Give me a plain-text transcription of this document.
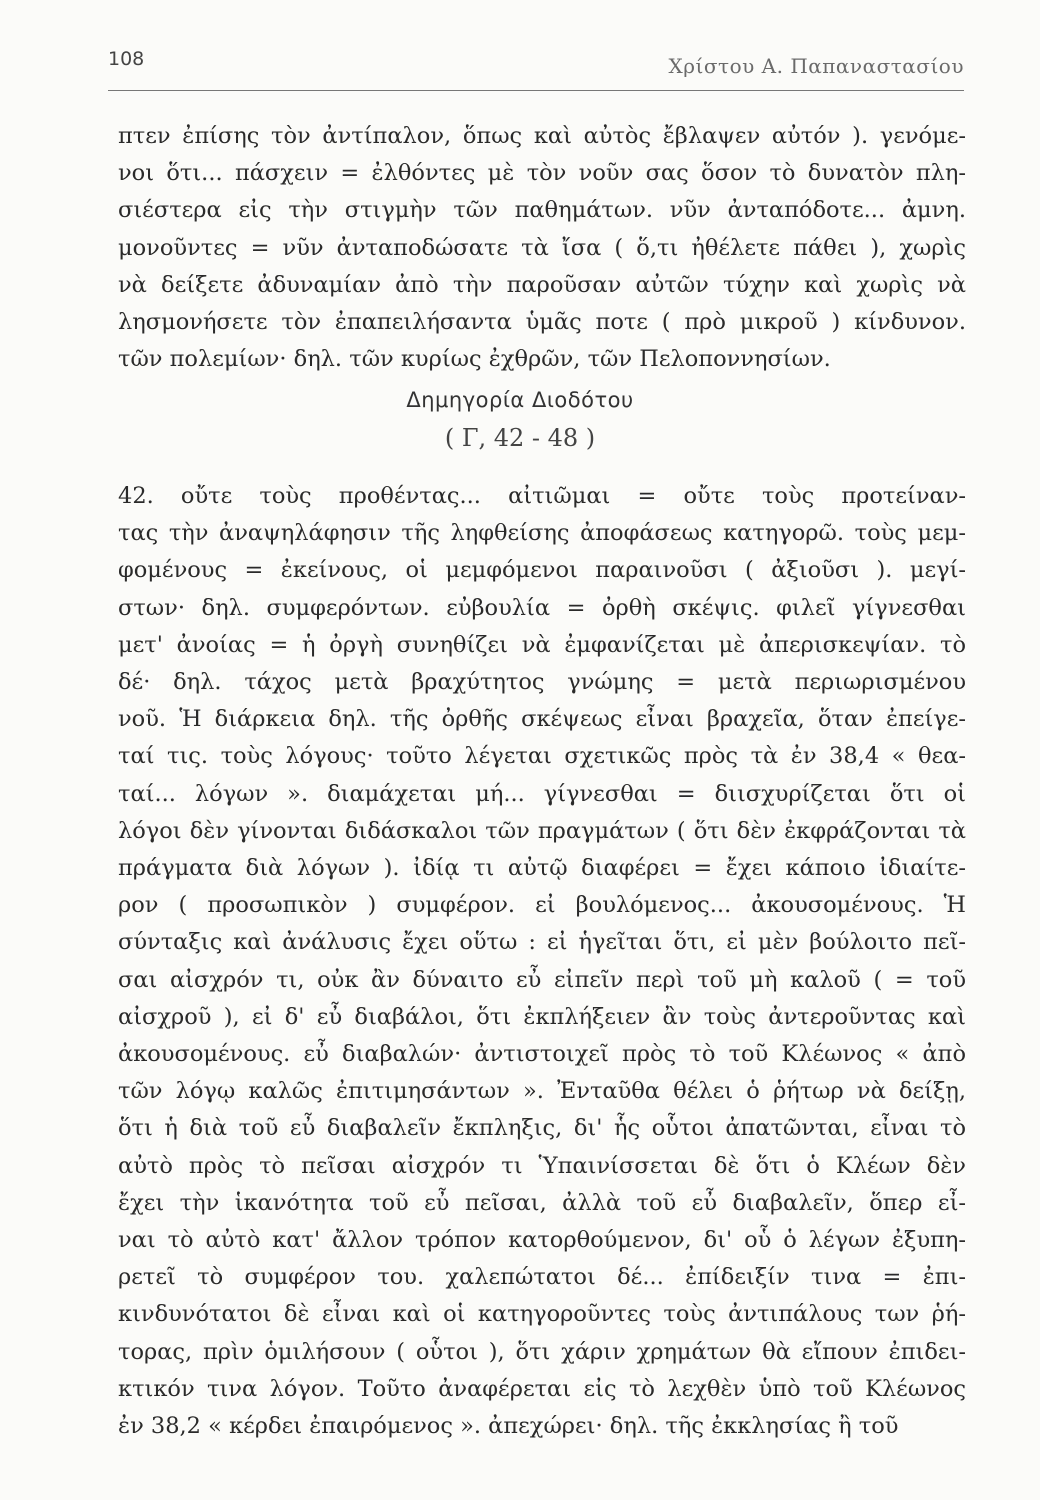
108	Χρίστου Α. Παπαναστασίου
πτεν ἐπίσης τὸν ἀντίπαλον, ὅπως καὶ αὐτὸς ἔβλαψεν αὐτόν ). γενόμε-
νοι ὅτι... πάσχειν = ἐλθόντες μὲ τὸν νοῦν σας ὅσον τὸ δυνατὸν πλη-
σιέστερα εἰς τὴν στιγμὴν τῶν παθημάτων. νῦν ἀνταπόδοτε... ἀμνη.
μονοῦντες = νῦν ἀνταποδώσατε τὰ ἴσα ( ὅ,τι ἠθέλετε πάθει ), χωρὶς
νὰ δείξετε ἀδυναμίαν ἀπὸ τὴν παροῦσαν αὐτῶν τύχην καὶ χωρὶς νὰ
λησμονήσετε τὸν ἐπαπειλήσαντα ὑμᾶς ποτε ( πρὸ μικροῦ ) κίνδυνον.
τῶν πολεμίων· δηλ. τῶν κυρίως ἐχθρῶν, τῶν Πελοποννησίων.
Δημηγορία Διοδότου
( Γ, 42 - 48 )
42. οὔτε τοὺς προθέντας... αἰτιῶμαι = οὔτε τοὺς προτείναν-
τας τὴν ἀναψηλάφησιν τῆς ληφθείσης ἀποφάσεως κατηγορῶ. τοὺς μεμ-
φομένους = ἐκείνους, οἱ μεμφόμενοι παραινοῦσι ( ἀξιοῦσι ). μεγί-
στων· δηλ. συμφερόντων. εὐβουλία = ὀρθὴ σκέψις. φιλεῖ γίγνεσθαι
μετ' ἀνοίας = ἡ ὀργὴ συνηθίζει νὰ ἐμφανίζεται μὲ ἀπερισκεψίαν. τὸ
δέ· δηλ. τάχος μετὰ βραχύτητος γνώμης = μετὰ περιωρισμένου
νοῦ. Ἡ διάρκεια δηλ. τῆς ὀρθῆς σκέψεως εἶναι βραχεῖα, ὅταν ἐπείγε-
ταί τις. τοὺς λόγους· τοῦτο λέγεται σχετικῶς πρὸς τὰ ἐν 38,4 « θεα-
ταί... λόγων ». διαμάχεται μή... γίγνεσθαι = διισχυρίζεται ὅτι οἱ
λόγοι δὲν γίνονται διδάσκαλοι τῶν πραγμάτων ( ὅτι δὲν ἐκφράζονται τὰ
πράγματα διὰ λόγων ). ἰδίᾳ τι αὐτῷ διαφέρει = ἔχει κάποιο ἰδιαίτε-
ρον ( προσωπικὸν ) συμφέρον. εἰ βουλόμενος... ἀκουσομένους. Ἡ
σύνταξις καὶ ἀνάλυσις ἔχει οὕτω : εἰ ἡγεῖται ὅτι, εἰ μὲν βούλοιτο πεῖ-
σαι αἰσχρόν τι, οὐκ ἂν δύναιτο εὖ εἰπεῖν περὶ τοῦ μὴ καλοῦ ( = τοῦ
αἰσχροῦ ), εἰ δ' εὖ διαβάλοι, ὅτι ἐκπλήξειεν ἂν τοὺς ἀντεροῦντας καὶ
ἀκουσομένους. εὖ διαβαλών· ἀντιστοιχεῖ πρὸς τὸ τοῦ Κλέωνος « ἀπὸ
τῶν λόγῳ καλῶς ἐπιτιμησάντων ». Ἐνταῦθα θέλει ὁ ῥήτωρ νὰ δείξῃ,
ὅτι ἡ διὰ τοῦ εὖ διαβαλεῖν ἔκπληξις, δι' ἧς οὗτοι ἀπατῶνται, εἶναι τὸ
αὐτὸ πρὸς τὸ πεῖσαι αἰσχρόν τι Ὑπαινίσσεται δὲ ὅτι ὁ Κλέων δὲν
ἔχει τὴν ἱκανότητα τοῦ εὖ πεῖσαι, ἀλλὰ τοῦ εὖ διαβαλεῖν, ὅπερ εἶ-
ναι τὸ αὐτὸ κατ' ἄλλον τρόπον κατορθούμενον, δι' οὗ ὁ λέγων ἐξυπη-
ρετεῖ τὸ συμφέρον του. χαλεπώτατοι δέ... ἐπίδειξίν τινα = ἐπι-
κινδυνότατοι δὲ εἶναι καὶ οἱ κατηγοροῦντες τοὺς ἀντιπάλους των ῥή-
τορας, πρὶν ὁμιλήσουν ( οὗτοι ), ὅτι χάριν χρημάτων θὰ εἴπουν ἐπιδει-
κτικόν τινα λόγον. Τοῦτο ἀναφέρεται εἰς τὸ λεχθὲν ὑπὸ τοῦ Κλέωνος
ἐν 38,2 « κέρδει ἐπαιρόμενος ». ἀπεχώρει· δηλ. τῆς ἐκκλησίας ἢ τοῦ
